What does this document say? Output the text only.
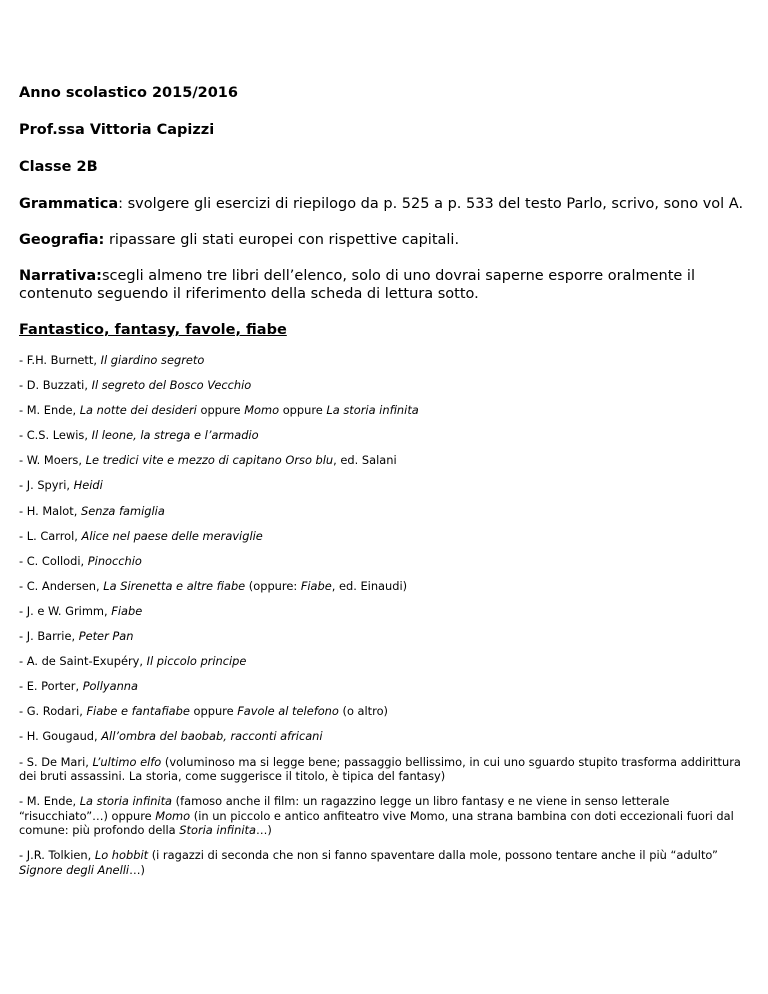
Anno scolastico 2015/2016
Prof.ssa Vittoria Capizzi
Classe 2B
Grammatica: svolgere gli esercizi di riepilogo da p. 525 a p. 533 del testo Parlo, scrivo, sono vol A.
Geografia: ripassare gli stati europei con rispettive capitali.
Narrativa:scegli almeno tre libri dell’elenco, solo di uno dovrai saperne esporre oralmente il contenuto seguendo il riferimento della scheda di lettura sotto.
Fantastico, fantasy, favole, fiabe
- F.H. Burnett, Il giardino segreto
- D. Buzzati, Il segreto del Bosco Vecchio
- M. Ende, La notte dei desideri oppure Momo oppure La storia infinita
- C.S. Lewis, Il leone, la strega e l’armadio
- W. Moers, Le tredici vite e mezzo di capitano Orso blu, ed. Salani
- J. Spyri, Heidi
- H. Malot, Senza famiglia
- L. Carrol, Alice nel paese delle meraviglie
- C. Collodi, Pinocchio
- C. Andersen, La Sirenetta e altre fiabe (oppure: Fiabe, ed. Einaudi)
- J. e W. Grimm, Fiabe
- J. Barrie, Peter Pan
- A. de Saint-Exupéry, Il piccolo principe
- E. Porter, Pollyanna
- G. Rodari, Fiabe e fantafiabe oppure Favole al telefono (o altro)
- H. Gougaud, All’ombra del baobab, racconti africani
- S. De Mari, L’ultimo elfo (voluminoso ma si legge bene; passaggio bellissimo, in cui uno sguardo stupito trasforma addirittura dei bruti assassini. La storia, come suggerisce il titolo, è tipica del fantasy)
- M. Ende, La storia infinita (famoso anche il film: un ragazzino legge un libro fantasy e ne viene in senso letterale “risucchiato”…) oppure Momo (in un piccolo e antico anfiteatro vive Momo, una strana bambina con doti eccezionali fuori dal comune: più profondo della Storia infinita…)
- J.R. Tolkien, Lo hobbit (i ragazzi di seconda che non si fanno spaventare dalla mole, possono tentare anche il più “adulto” Signore degli Anelli…)
